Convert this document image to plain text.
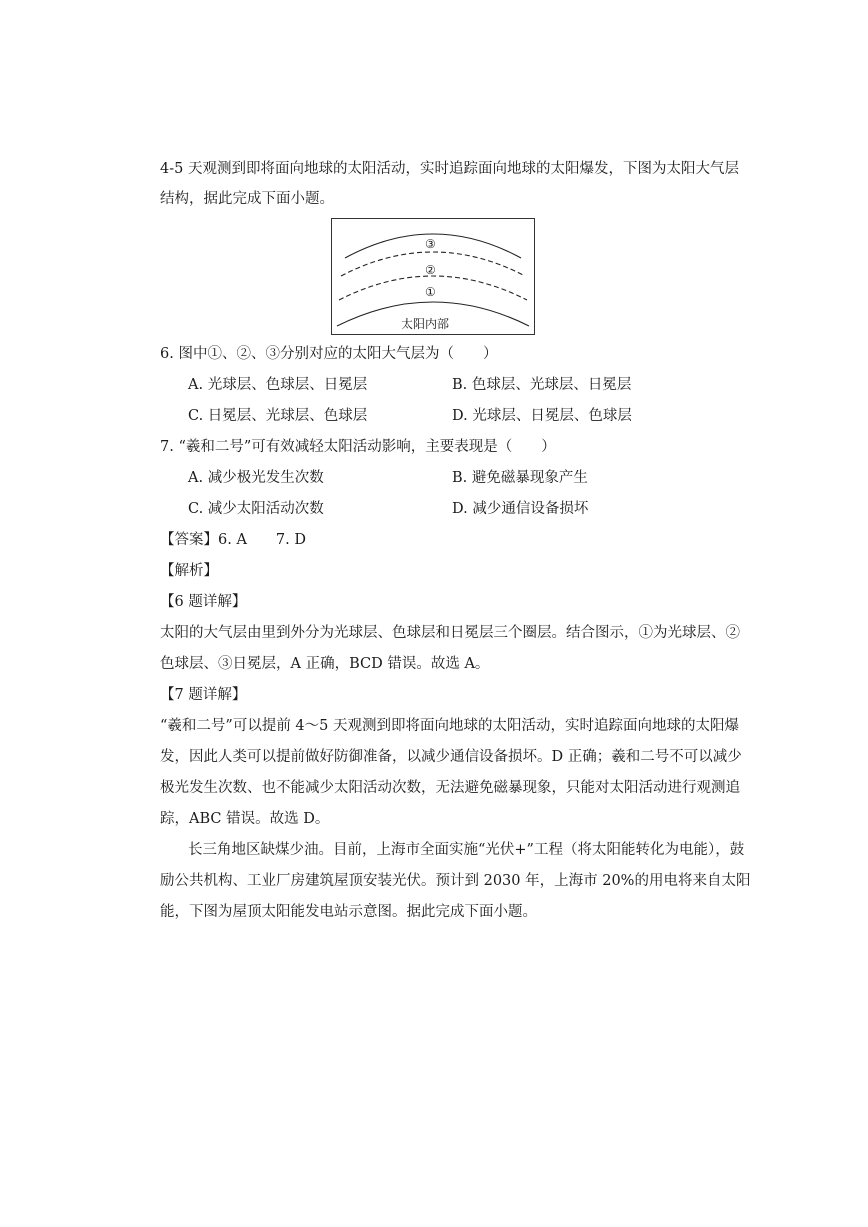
4-5 天观测到即将面向地球的太阳活动，实时追踪面向地球的太阳爆发，下图为太阳大气层
结构，据此完成下面小题。
③
②
①
太阳内部
6. 图中①、②、③分别对应的太阳大气层为（　　）
A. 光球层、色球层、日冕层	B. 色球层、光球层、日冕层
C. 日冕层、光球层、色球层	D. 光球层、日冕层、色球层
7. “羲和二号”可有效减轻太阳活动影响，主要表现是（　　）
A. 减少极光发生次数	B. 避免磁暴现象产生
C. 减少太阳活动次数	D. 减少通信设备损坏
【答案】6. A　　7. D
【解析】
【6 题详解】
太阳的大气层由里到外分为光球层、色球层和日冕层三个圈层。结合图示，①为光球层、②
色球层、③日冕层，A 正确，BCD 错误。故选 A。
【7 题详解】
“羲和二号”可以提前 4～5 天观测到即将面向地球的太阳活动，实时追踪面向地球的太阳爆
发，因此人类可以提前做好防御准备，以减少通信设备损坏。D 正确；羲和二号不可以减少
极光发生次数、也不能减少太阳活动次数，无法避免磁暴现象，只能对太阳活动进行观测追
踪，ABC 错误。故选 D。
长三角地区缺煤少油。目前，上海市全面实施“光伏+”工程（将太阳能转化为电能），鼓
励公共机构、工业厂房建筑屋顶安装光伏。预计到 2030 年，上海市 20%的用电将来自太阳
能，下图为屋顶太阳能发电站示意图。据此完成下面小题。
